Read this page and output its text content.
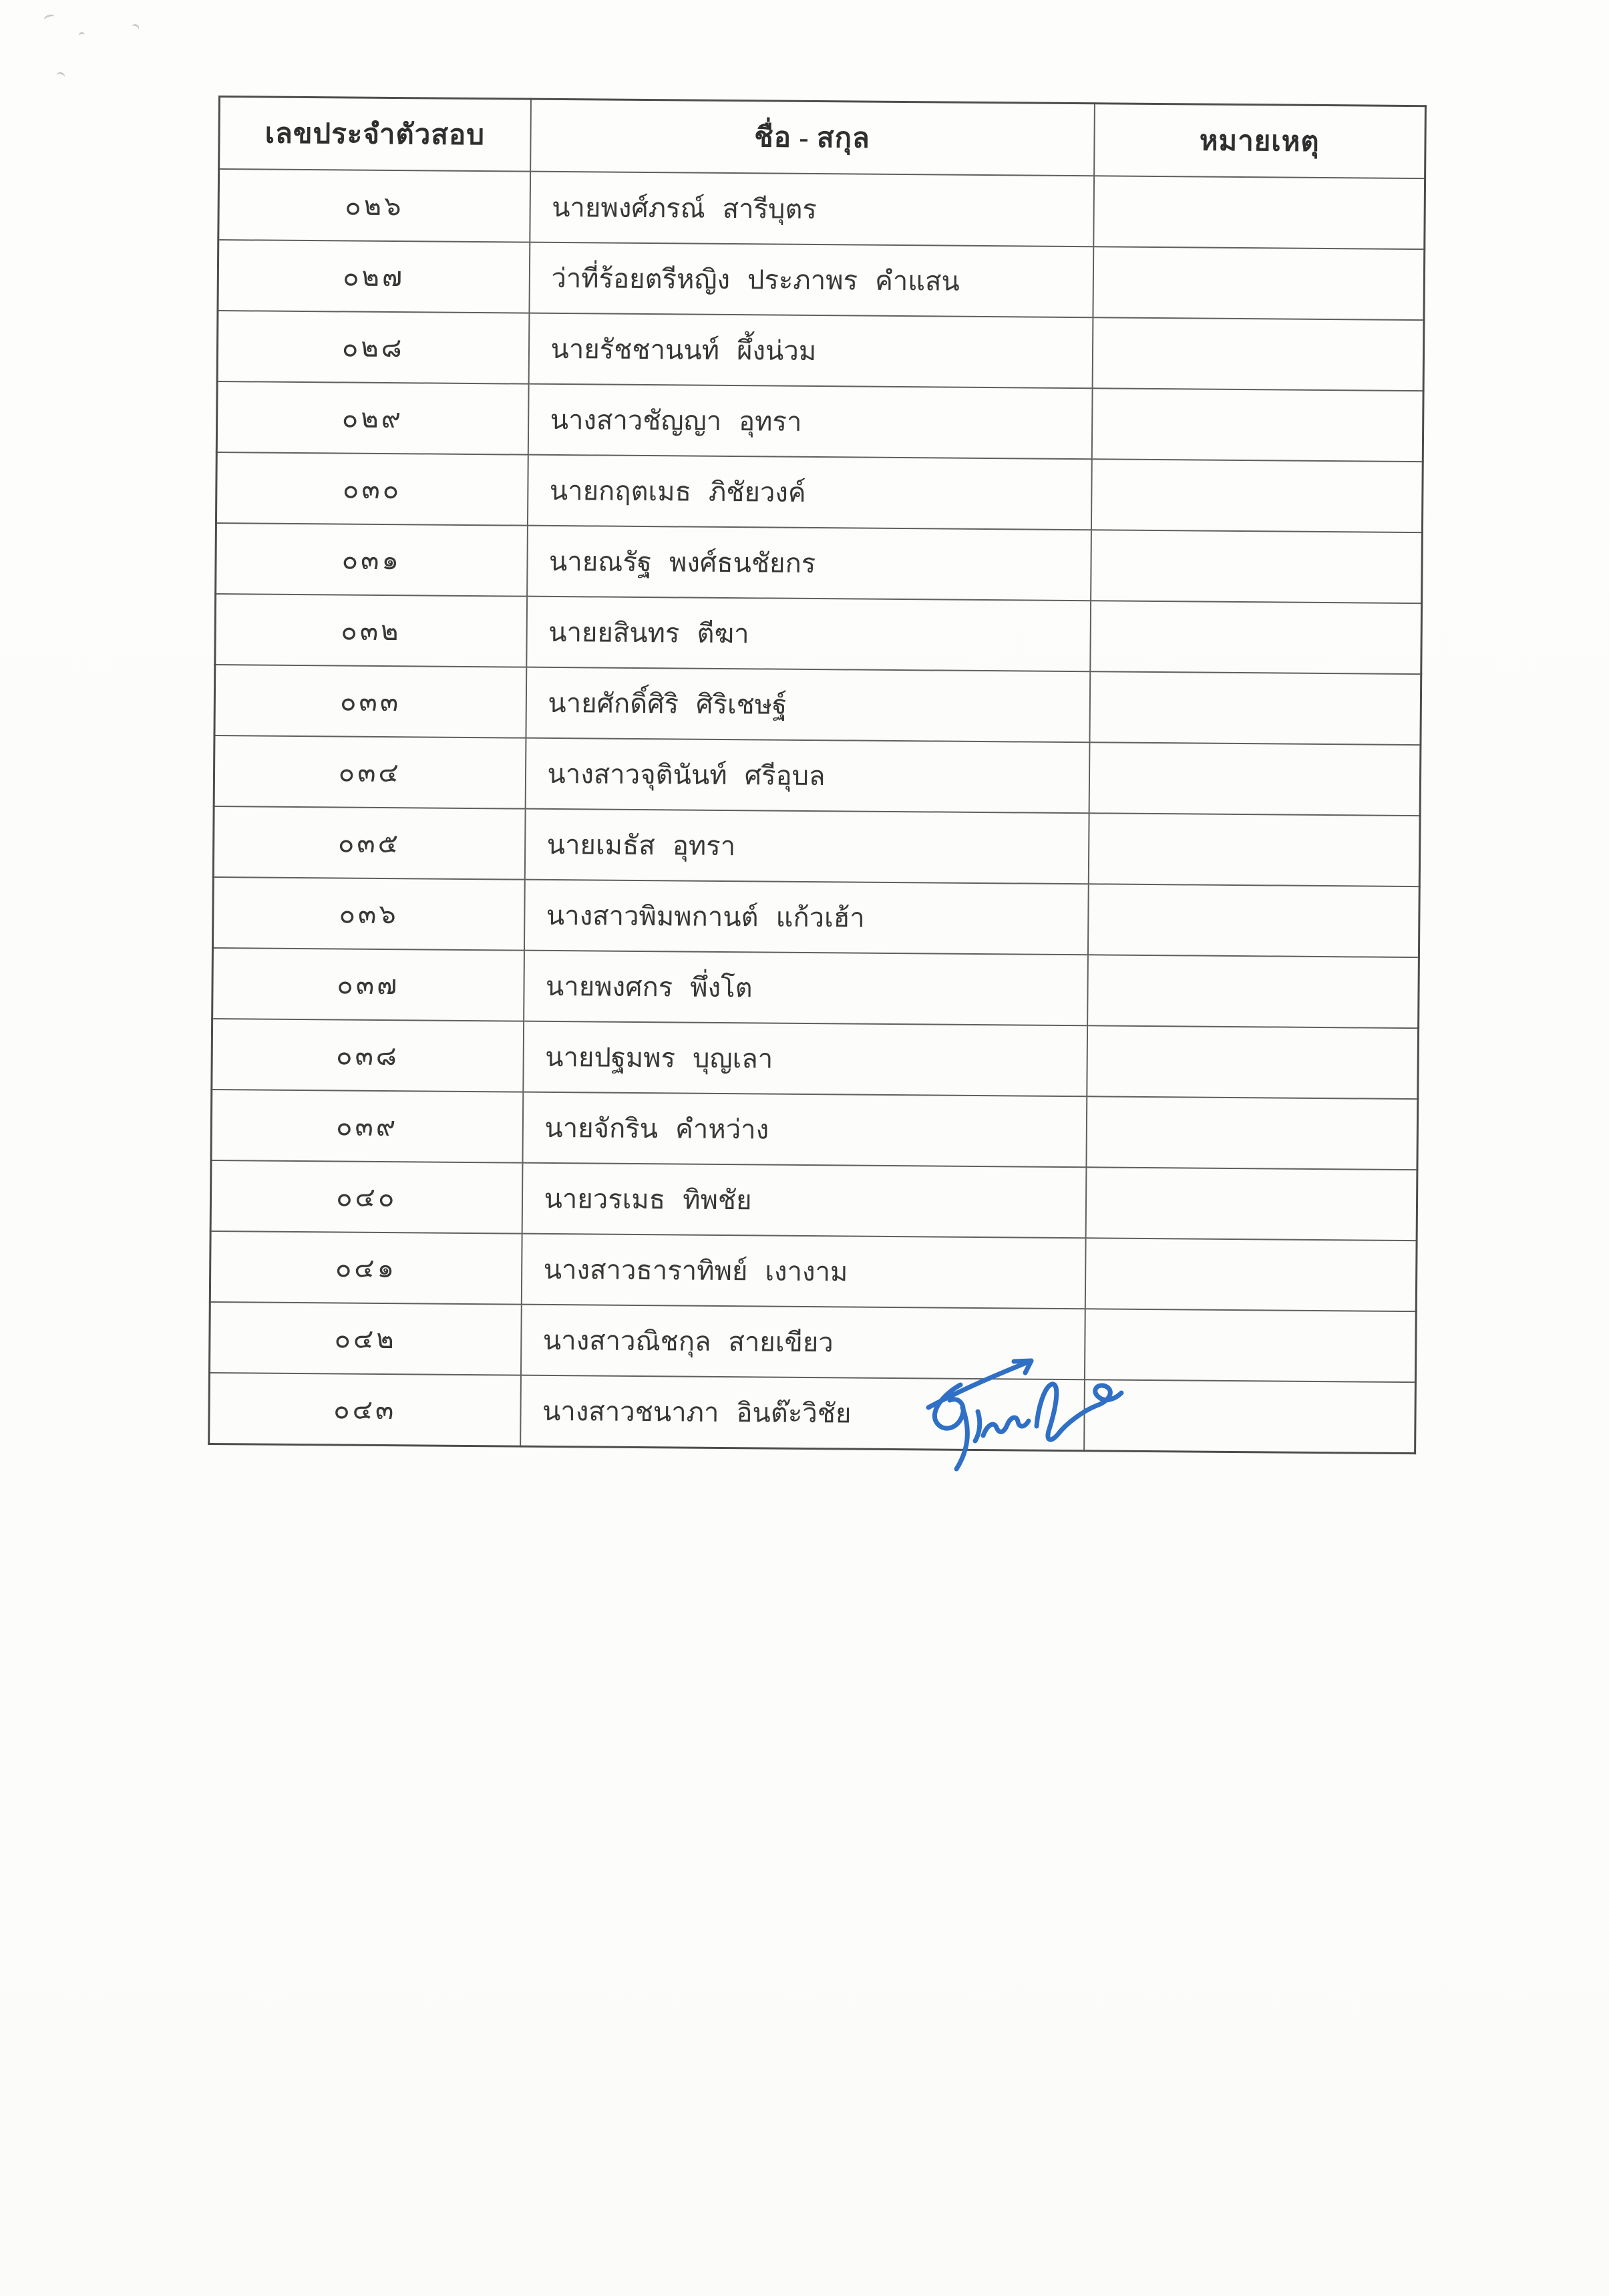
เลขประจำตัวสอบ	ชื่อ - สกุล	หมายเหตุ
๐๒๖	นายพงศ์ภรณ์ สารีบุตร	
๐๒๗	ว่าที่ร้อยตรีหญิง ประภาพร คำแสน	
๐๒๘	นายรัชชานนท์ ผึ้งน่วม	
๐๒๙	นางสาวชัญญา อุทรา	
๐๓๐	นายกฤตเมธ ภิชัยวงค์	
๐๓๑	นายณรัฐ พงศ์ธนชัยกร	
๐๓๒	นายยสินทร ตีฆา	
๐๓๓	นายศักดิ์ศิริ ศิริเชษฐ์	
๐๓๔	นางสาวจุตินันท์ ศรีอุบล	
๐๓๕	นายเมธัส อุทรา	
๐๓๖	นางสาวพิมพกานต์ แก้วเฮ้า	
๐๓๗	นายพงศกร พึ่งโต	
๐๓๘	นายปฐมพร บุญเลา	
๐๓๙	นายจักริน คำหว่าง	
๐๔๐	นายวรเมธ ทิพชัย	
๐๔๑	นางสาวธาราทิพย์ เงางาม	
๐๔๒	นางสาวณิชกุล สายเขียว	
๐๔๓	นางสาวชนาภา อินต๊ะวิชัย	
